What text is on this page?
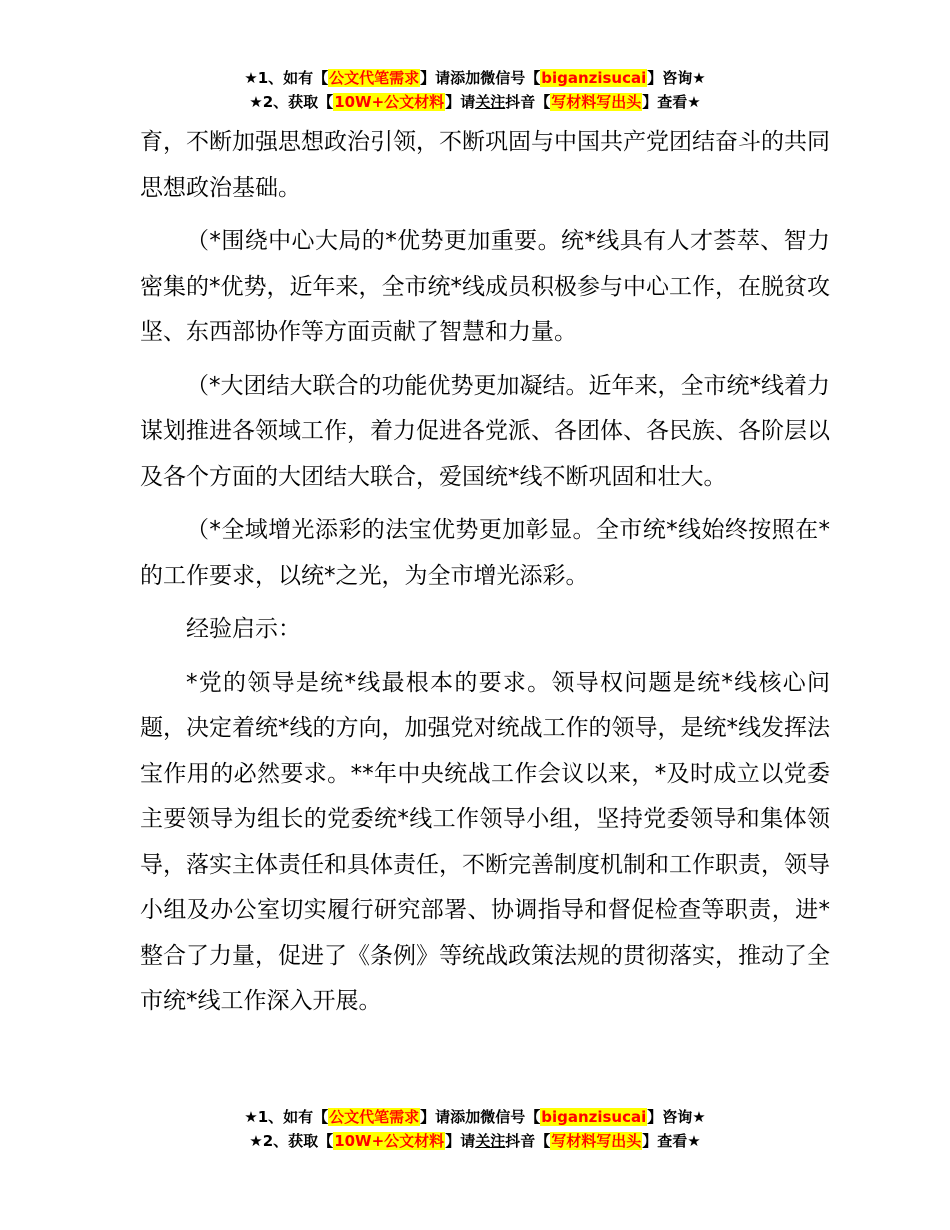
★1、如有【公文代笔需求】请添加微信号【biganzisucai】咨询★
★2、获取【10W+公文材料】请关注抖音【写材料写出头】查看★

育，不断加强思想政治引领，不断巩固与中国共产党团结奋斗的共同思想政治基础。

（*围绕中心大局的*优势更加重要。统*线具有人才荟萃、智力密集的*优势，近年来，全市统*线成员积极参与中心工作，在脱贫攻坚、东西部协作等方面贡献了智慧和力量。

（*大团结大联合的功能优势更加凝结。近年来，全市统*线着力谋划推进各领域工作，着力促进各党派、各团体、各民族、各阶层以及各个方面的大团结大联合，爱国统*线不断巩固和壮大。

（*全域增光添彩的法宝优势更加彰显。全市统*线始终按照在*的工作要求，以统*之光，为全市增光添彩。

经验启示：

*党的领导是统*线最根本的要求。领导权问题是统*线核心问题，决定着统*线的方向，加强党对统战工作的领导，是统*线发挥法宝作用的必然要求。**年中央统战工作会议以来，*及时成立以党委主要领导为组长的党委统*线工作领导小组，坚持党委领导和集体领导，落实主体责任和具体责任，不断完善制度机制和工作职责，领导小组及办公室切实履行研究部署、协调指导和督促检查等职责，进*整合了力量，促进了《条例》等统战政策法规的贯彻落实，推动了全市统*线工作深入开展。

★1、如有【公文代笔需求】请添加微信号【biganzisucai】咨询★
★2、获取【10W+公文材料】请关注抖音【写材料写出头】查看★
